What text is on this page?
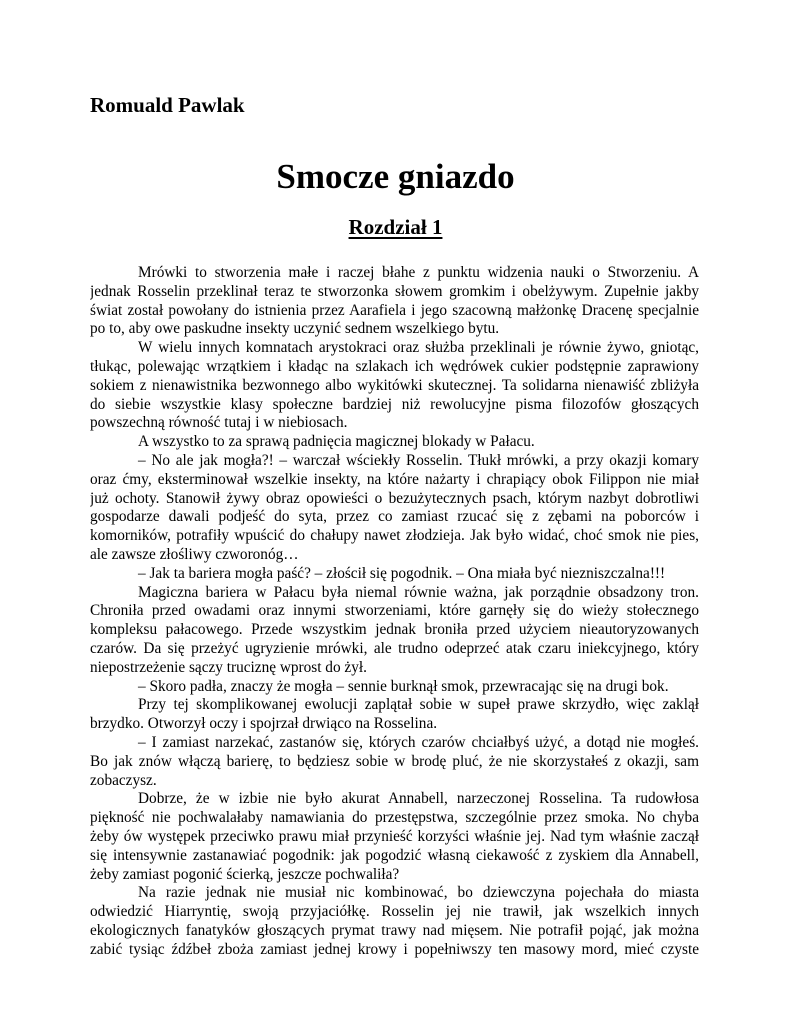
Romuald Pawlak
Smocze gniazdo
Rozdział 1
Mrówki to stworzenia małe i raczej błahe z punktu widzenia nauki o Stworzeniu. A
jednak Rosselin przeklinał teraz te stworzonka słowem gromkim i obelżywym. Zupełnie jakby
świat został powołany do istnienia przez Aarafiela i jego szacowną małżonkę Dracenę specjalnie
po to, aby owe paskudne insekty uczynić sednem wszelkiego bytu.
W wielu innych komnatach arystokraci oraz służba przeklinali je równie żywo, gniotąc,
tłukąc, polewając wrzątkiem i kładąc na szlakach ich wędrówek cukier podstępnie zaprawiony
sokiem z nienawistnika bezwonnego albo wykitówki skutecznej. Ta solidarna nienawiść zbliżyła
do siebie wszystkie klasy społeczne bardziej niż rewolucyjne pisma filozofów głoszących
powszechną równość tutaj i w niebiosach.
A wszystko to za sprawą padnięcia magicznej blokady w Pałacu.
– No ale jak mogła?! – warczał wściekły Rosselin. Tłukł mrówki, a przy okazji komary
oraz ćmy, eksterminował wszelkie insekty, na które nażarty i chrapiący obok Filippon nie miał
już ochoty. Stanowił żywy obraz opowieści o bezużytecznych psach, którym nazbyt dobrotliwi
gospodarze dawali podjeść do syta, przez co zamiast rzucać się z zębami na poborców i
komorników, potrafiły wpuścić do chałupy nawet złodzieja. Jak było widać, choć smok nie pies,
ale zawsze złośliwy czworonóg…
– Jak ta bariera mogła paść? – złościł się pogodnik. – Ona miała być niezniszczalna!!!
Magiczna bariera w Pałacu była niemal równie ważna, jak porządnie obsadzony tron.
Chroniła przed owadami oraz innymi stworzeniami, które garnęły się do wieży stołecznego
kompleksu pałacowego. Przede wszystkim jednak broniła przed użyciem nieautoryzowanych
czarów. Da się przeżyć ugryzienie mrówki, ale trudno odeprzeć atak czaru iniekcyjnego, który
niepostrzeżenie sączy truciznę wprost do żył.
– Skoro padła, znaczy że mogła – sennie burknął smok, przewracając się na drugi bok.
Przy tej skomplikowanej ewolucji zaplątał sobie w supeł prawe skrzydło, więc zaklął
brzydko. Otworzył oczy i spojrzał drwiąco na Rosselina.
– I zamiast narzekać, zastanów się, których czarów chciałbyś użyć, a dotąd nie mogłeś.
Bo jak znów włączą barierę, to będziesz sobie w brodę pluć, że nie skorzystałeś z okazji, sam
zobaczysz.
Dobrze, że w izbie nie było akurat Annabell, narzeczonej Rosselina. Ta rudowłosa
piękność nie pochwalałaby namawiania do przestępstwa, szczególnie przez smoka. No chyba
żeby ów występek przeciwko prawu miał przynieść korzyści właśnie jej. Nad tym właśnie zaczął
się intensywnie zastanawiać pogodnik: jak pogodzić własną ciekawość z zyskiem dla Annabell,
żeby zamiast pogonić ścierką, jeszcze pochwaliła?
Na razie jednak nie musiał nic kombinować, bo dziewczyna pojechała do miasta
odwiedzić Hiarryntię, swoją przyjaciółkę. Rosselin jej nie trawił, jak wszelkich innych
ekologicznych fanatyków głoszących prymat trawy nad mięsem. Nie potrafił pojąć, jak można
zabić tysiąc źdźbeł zboża zamiast jednej krowy i popełniwszy ten masowy mord, mieć czyste
